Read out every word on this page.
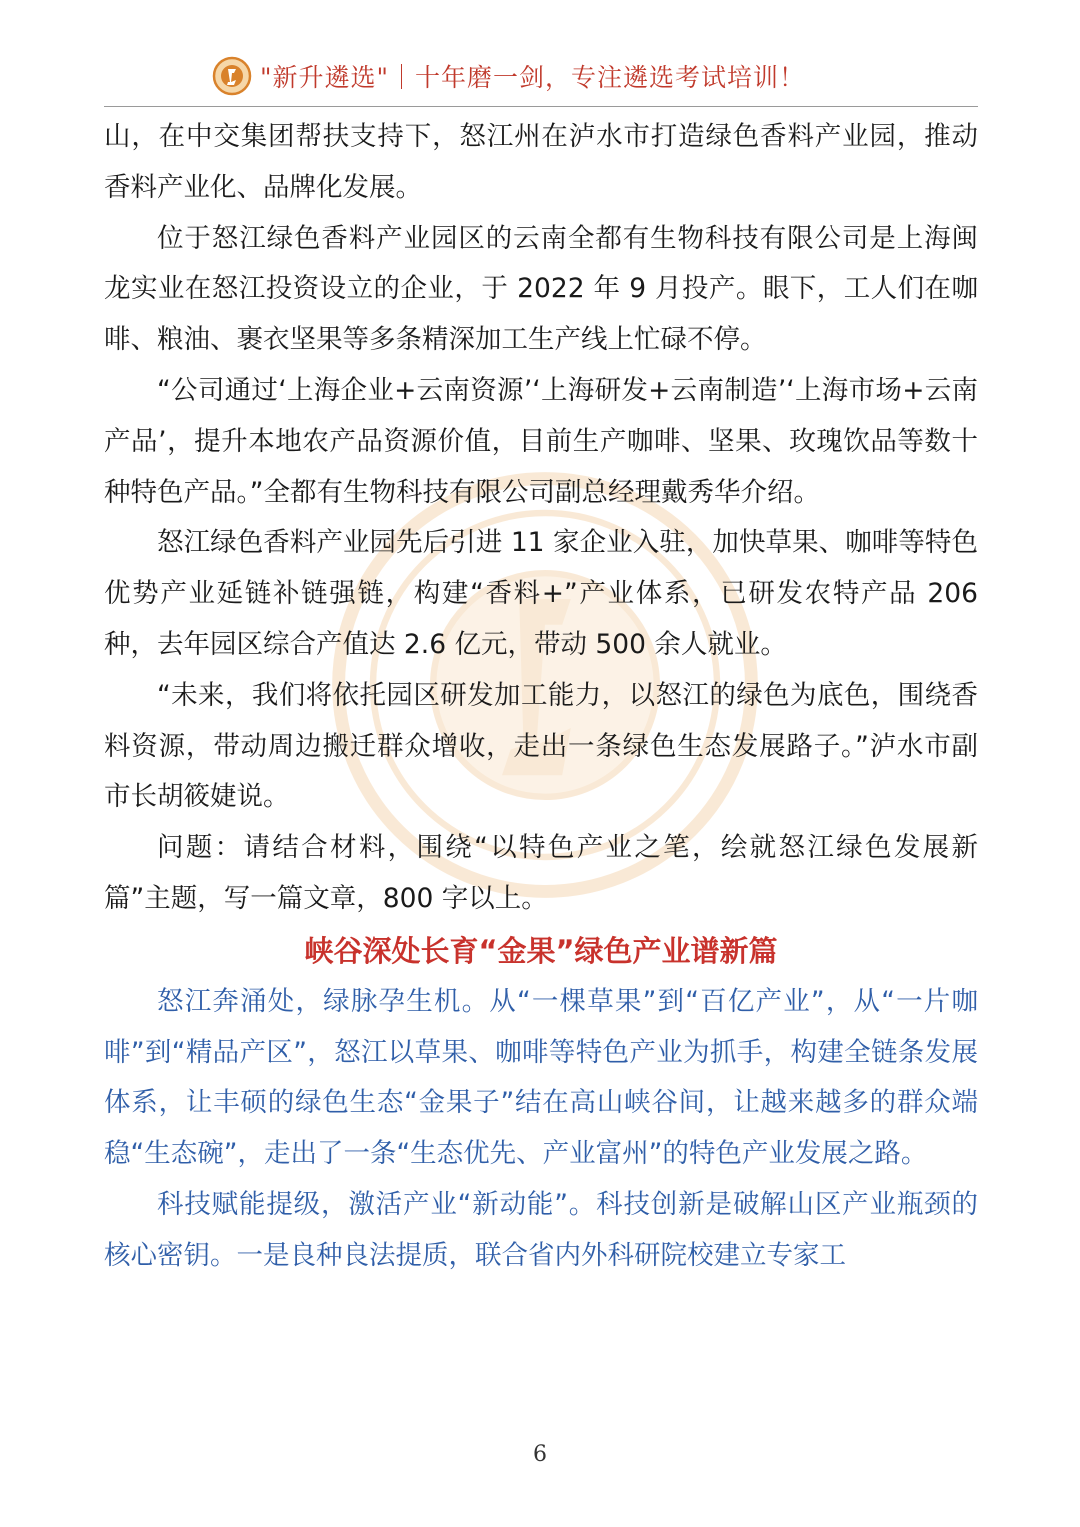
"新升遴选"｜十年磨一剑，专注遴选考试培训！

山，在中交集团帮扶支持下，怒江州在泸水市打造绿色香料产业园，推动香料产业化、品牌化发展。

位于怒江绿色香料产业园区的云南全都有生物科技有限公司是上海闽龙实业在怒江投资设立的企业，于 2022 年 9 月投产。眼下，工人们在咖啡、粮油、裹衣坚果等多条精深加工生产线上忙碌不停。

“公司通过‘上海企业+云南资源’‘上海研发+云南制造’‘上海市场+云南产品’，提升本地农产品资源价值，目前生产咖啡、坚果、玫瑰饮品等数十种特色产品。”全都有生物科技有限公司副总经理戴秀华介绍。

怒江绿色香料产业园先后引进 11 家企业入驻，加快草果、咖啡等特色优势产业延链补链强链，构建“香料+”产业体系，已研发农特产品 206 种，去年园区综合产值达 2.6 亿元，带动 500 余人就业。

“未来，我们将依托园区研发加工能力，以怒江的绿色为底色，围绕香料资源，带动周边搬迁群众增收，走出一条绿色生态发展路子。”泸水市副市长胡筱婕说。

问题：请结合材料，围绕“以特色产业之笔，绘就怒江绿色发展新篇”主题，写一篇文章，800 字以上。

峡谷深处长育“金果”绿色产业谱新篇

怒江奔涌处，绿脉孕生机。从“一棵草果”到“百亿产业”，从“一片咖啡”到“精品产区”，怒江以草果、咖啡等特色产业为抓手，构建全链条发展体系，让丰硕的绿色生态“金果子”结在高山峡谷间，让越来越多的群众端稳“生态碗”，走出了一条“生态优先、产业富州”的特色产业发展之路。

科技赋能提级，激活产业“新动能”。科技创新是破解山区产业瓶颈的核心密钥。一是良种良法提质，联合省内外科研院校建立专家工

6
